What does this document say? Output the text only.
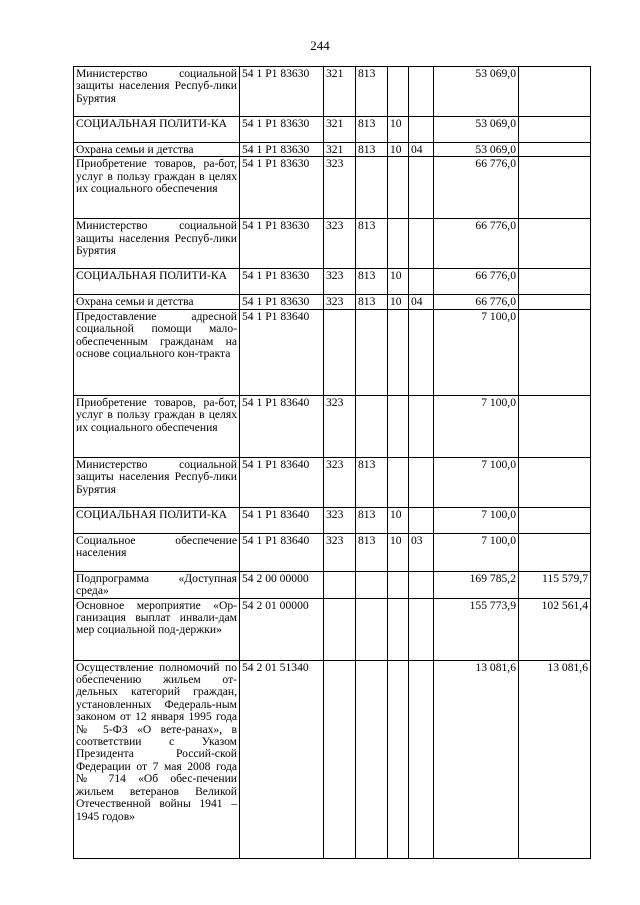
244
Министерство социальной защиты населения Респуб-лики Бурятия	54 1 P1 83630	321	813			53 069,0	
СОЦИАЛЬНАЯ ПОЛИТИ-КА	54 1 P1 83630	321	813	10		53 069,0	
Охрана семьи и детства	54 1 P1 83630	321	813	10	04	53 069,0	
Приобретение товаров, ра-бот, услуг в пользу граждан в целях их социального обеспечения	54 1 P1 83630	323				66 776,0	
Министерство социальной защиты населения Респуб-лики Бурятия	54 1 P1 83630	323	813			66 776,0	
СОЦИАЛЬНАЯ ПОЛИТИ-КА	54 1 P1 83630	323	813	10		66 776,0	
Охрана семьи и детства	54 1 P1 83630	323	813	10	04	66 776,0	
Предоставление адресной социальной помощи мало-обеспеченным гражданам на основе социального кон-тракта	54 1 P1 83640					7 100,0	
Приобретение товаров, ра-бот, услуг в пользу граждан в целях их социального обеспечения	54 1 P1 83640	323				7 100,0	
Министерство социальной защиты населения Респуб-лики Бурятия	54 1 P1 83640	323	813			7 100,0	
СОЦИАЛЬНАЯ ПОЛИТИ-КА	54 1 P1 83640	323	813	10		7 100,0	
Социальное обеспечение населения	54 1 P1 83640	323	813	10	03	7 100,0	
Подпрограмма «Доступная среда»	54 2 00 00000					169 785,2	115 579,7
Основное мероприятие «Ор-ганизация выплат инвали-дам мер социальной под-держки»	54 2 01 00000					155 773,9	102 561,4
Осуществление полномочий по обеспечению жильем от-дельных категорий граждан, установленных Федераль-ным законом от 12 января 1995 года № 5-ФЗ «О вете-ранах», в соответствии с Указом Президента Россий-ской Федерации от 7 мая 2008 года № 714 «Об обес-печении жильем ветеранов Великой Отечественной войны 1941 – 1945 годов»	54 2 01 51340					13 081,6	13 081,6
